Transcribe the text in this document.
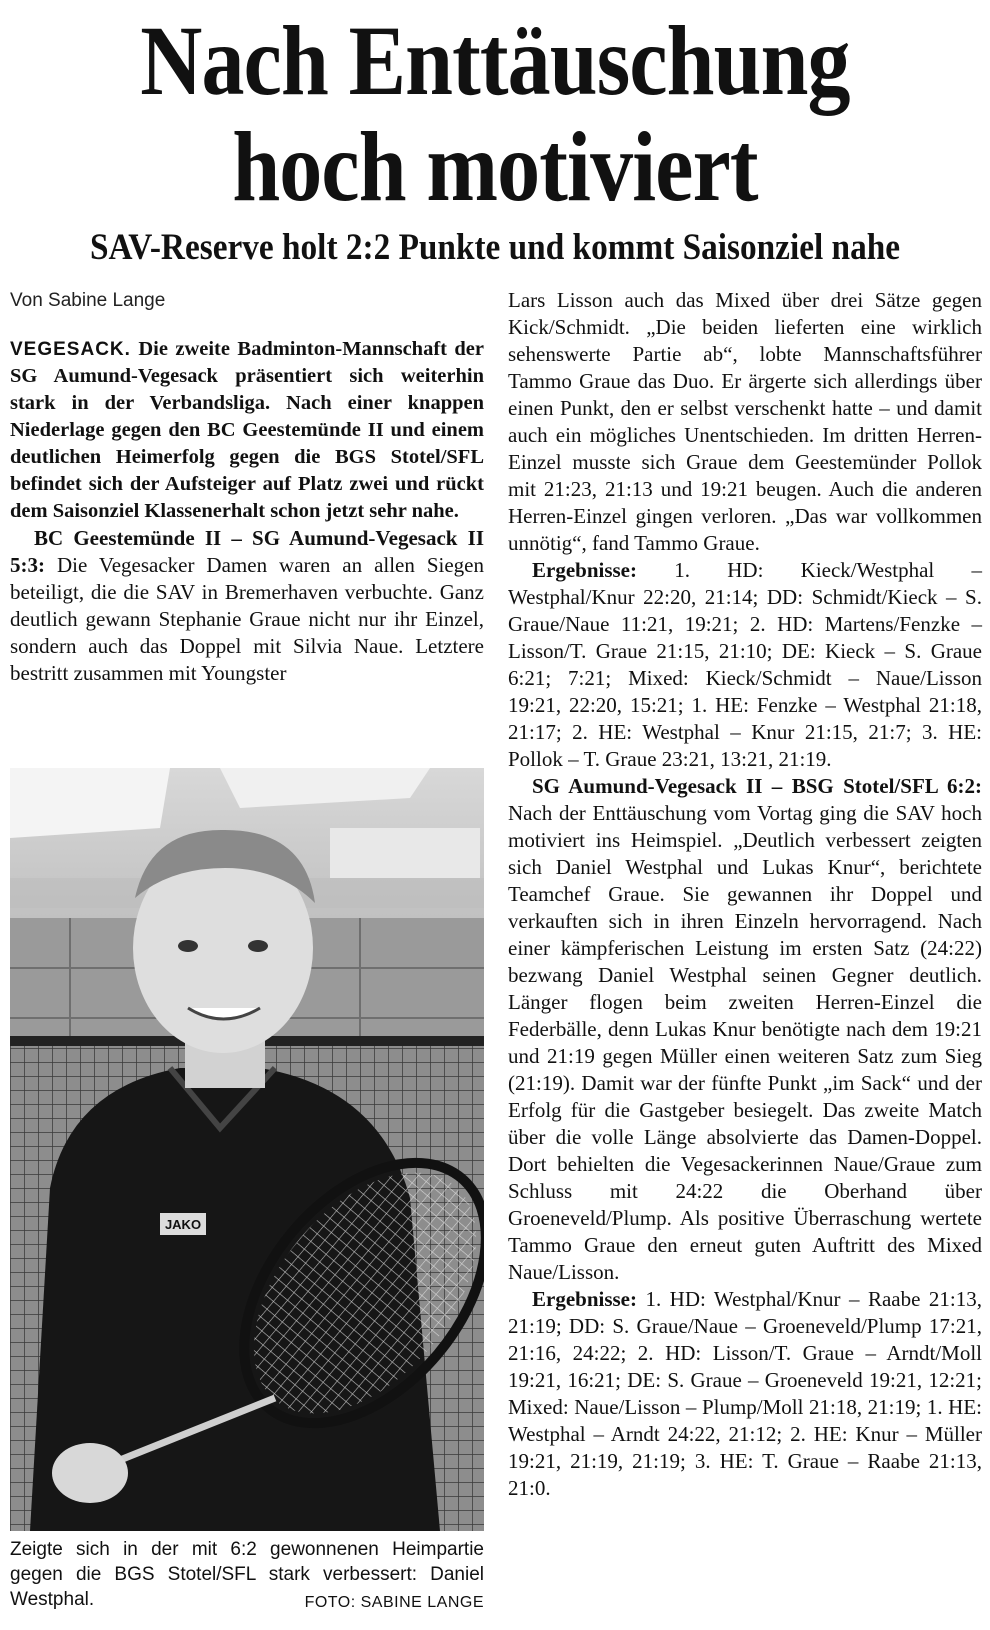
Nach Enttäuschung
hoch motiviert
SAV-Reserve holt 2:2 Punkte und kommt Saisonziel nahe
Von Sabine Lange

VEGESACK. Die zweite Badminton-Mannschaft der SG Aumund-Vegesack präsentiert sich weiterhin stark in der Verbandsliga. Nach einer knappen Niederlage gegen den BC Geestemünde II und einem deutlichen Heimerfolg gegen die BGS Stotel/SFL befindet sich der Aufsteiger auf Platz zwei und rückt dem Saisonziel Klassenerhalt schon jetzt sehr nahe.

BC Geestemünde II – SG Aumund-Vegesack II 5:3: Die Vegesacker Damen waren an allen Siegen beteiligt, die die SAV in Bremerhaven verbuchte. Ganz deutlich gewann Stephanie Graue nicht nur ihr Einzel, sondern auch das Doppel mit Silvia Naue. Letztere bestritt zusammen mit Youngster

JAKO
Zeigte sich in der mit 6:2 gewonnenen Heimpartie gegen die BGS Stotel/SFL stark verbessert: Daniel Westphal.	FOTO: SABINE LANGE

Lars Lisson auch das Mixed über drei Sätze gegen Kick/Schmidt. „Die beiden lieferten eine wirklich sehenswerte Partie ab“, lobte Mannschaftsführer Tammo Graue das Duo. Er ärgerte sich allerdings über einen Punkt, den er selbst verschenkt hatte – und damit auch ein mögliches Unentschieden. Im dritten Herren-Einzel musste sich Graue dem Geestemünder Pollok mit 21:23, 21:13 und 19:21 beugen. Auch die anderen Herren-Einzel gingen verloren. „Das war vollkommen unnötig“, fand Tammo Graue.

Ergebnisse: 1. HD: Kieck/Westphal – Westphal/Knur 22:20, 21:14; DD: Schmidt/Kieck – S. Graue/Naue 11:21, 19:21; 2. HD: Martens/Fenzke – Lisson/T. Graue 21:15, 21:10; DE: Kieck – S. Graue 6:21; 7:21; Mixed: Kieck/Schmidt – Naue/Lisson 19:21, 22:20, 15:21; 1. HE: Fenzke – Westphal 21:18, 21:17; 2. HE: Westphal – Knur 21:15, 21:7; 3. HE: Pollok – T. Graue 23:21, 13:21, 21:19.

SG Aumund-Vegesack II – BSG Stotel/SFL 6:2: Nach der Enttäuschung vom Vortag ging die SAV hoch motiviert ins Heimspiel. „Deutlich verbessert zeigten sich Daniel Westphal und Lukas Knur“, berichtete Teamchef Graue. Sie gewannen ihr Doppel und verkauften sich in ihren Einzeln hervorragend. Nach einer kämpferischen Leistung im ersten Satz (24:22) bezwang Daniel Westphal seinen Gegner deutlich. Länger flogen beim zweiten Herren-Einzel die Federbälle, denn Lukas Knur benötigte nach dem 19:21 und 21:19 gegen Müller einen weiteren Satz zum Sieg (21:19). Damit war der fünfte Punkt „im Sack“ und der Erfolg für die Gastgeber besiegelt. Das zweite Match über die volle Länge absolvierte das Damen-Doppel. Dort behielten die Vegesackerinnen Naue/Graue zum Schluss mit 24:22 die Oberhand über Groeneveld/Plump. Als positive Überraschung wertete Tammo Graue den erneut guten Auftritt des Mixed Naue/Lisson.

Ergebnisse: 1. HD: Westphal/Knur – Raabe 21:13, 21:19; DD: S. Graue/Naue – Groeneveld/Plump 17:21, 21:16, 24:22; 2. HD: Lisson/T. Graue – Arndt/Moll 19:21, 16:21; DE: S. Graue – Groeneveld 19:21, 12:21; Mixed: Naue/Lisson – Plump/Moll 21:18, 21:19; 1. HE: Westphal – Arndt 24:22, 21:12; 2. HE: Knur – Müller 19:21, 21:19, 21:19; 3. HE: T. Graue – Raabe 21:13, 21:0.
